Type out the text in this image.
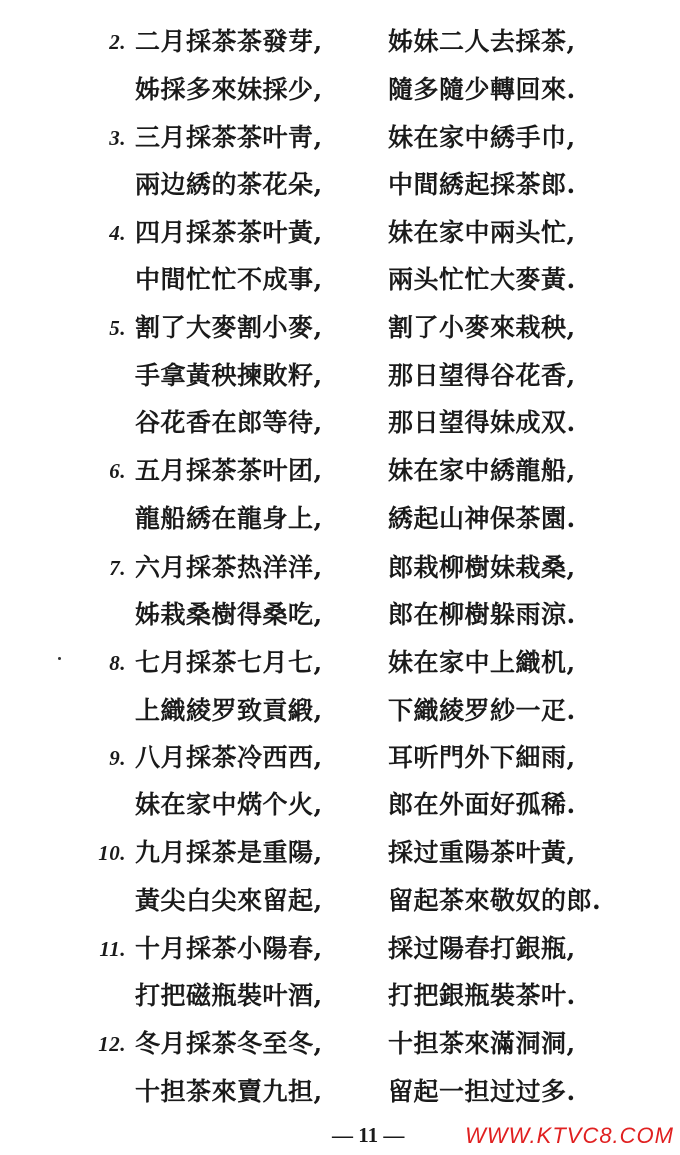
2. 二月採茶茶發芽,	姊妹二人去採茶,
姊採多來妹採少,	隨多隨少轉回來.
3. 三月採茶茶叶靑,	妹在家中綉手巾,
兩边綉的茶花朵,	中間綉起採茶郎.
4. 四月採茶茶叶黃,	妹在家中兩头忙,
中間忙忙不成事,	兩头忙忙大麥黃.
5. 割了大麥割小麥,	割了小麥來栽秧,
手拿黃秧揀敗籽,	那日望得谷花香,
谷花香在郎等待,	那日望得妹成双.
6. 五月採茶茶叶团,	妹在家中綉龍船,
龍船綉在龍身上,	綉起山神保茶園.
7. 六月採茶热洋洋,	郎栽柳樹妹栽桑,
姊栽桑樹得桑吃,	郎在柳樹躲雨涼.
8. 七月採茶七月七,	妹在家中上織机,
上織綾罗致貢緞,	下織綾罗紗一疋.
9. 八月採茶冷西西,	耳听門外下細雨,
妹在家中焫个火,	郎在外面好孤稀.
10. 九月採茶是重陽,	採过重陽茶叶黃,
黃尖白尖來留起,	留起茶來敬奴的郎.
11. 十月採茶小陽春,	採过陽春打銀瓶,
打把磁瓶裝叶酒,	打把銀瓶裝茶叶.
12. 冬月採茶冬至冬,	十担茶來滿洞洞,
十担茶來賣九担,	留起一担过过多.
— 11 —	WWW.KTVC8.COM
